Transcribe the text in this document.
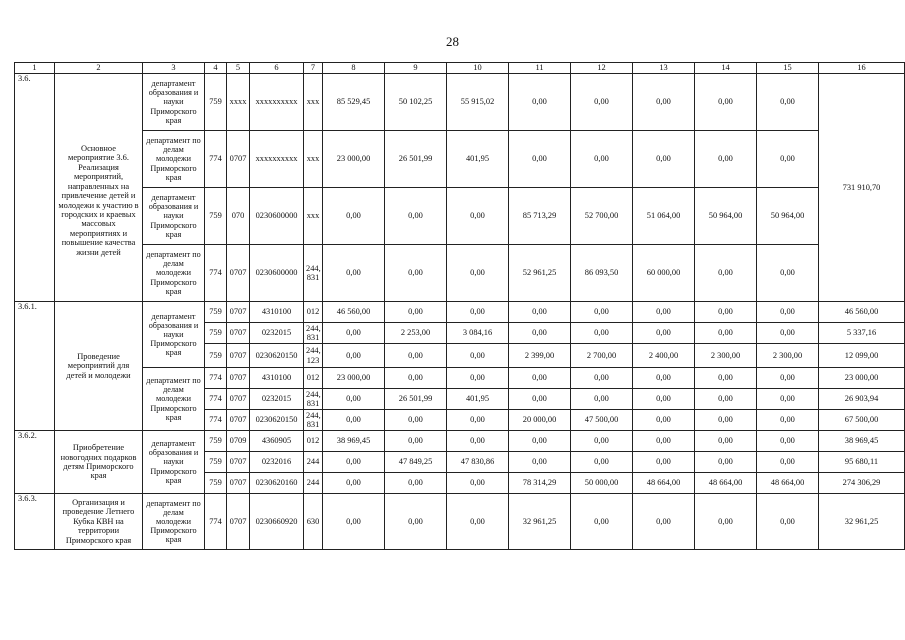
28
1	2	3	4	5	6	7	8	9	10	11	12	13	14	15	16
3.6.	Основное мероприятие 3.6. Реализация мероприятий, направленных на привлечение детей и молодежи к участию в городских и краевых массовых мероприятиях и повышение качества жизни детей	департамент образования и науки Приморского края	759	xxxx	xxxxxxxxxx	xxx	85 529,45	50 102,25	55 915,02	0,00	0,00	0,00	0,00	0,00	731 910,70
		департамент по делам молодежи Приморского края	774	0707	xxxxxxxxxx	xxx	23 000,00	26 501,99	401,95	0,00	0,00	0,00	0,00	0,00	
		департамент образования и науки Приморского края	759	070	0230600000	xxx	0,00	0,00	0,00	85 713,29	52 700,00	51 064,00	50 964,00	50 964,00	
		департамент по делам молодежи Приморского края	774	0707	0230600000	244, 831	0,00	0,00	0,00	52 961,25	86 093,50	60 000,00	0,00	0,00	
3.6.1.	Проведение мероприятий для детей и молодежи	департамент образования и науки Приморского края	759	0707	4310100	012	46 560,00	0,00	0,00	0,00	0,00	0,00	0,00	0,00	46 560,00
			759	0707	0232015	244, 831	0,00	2 253,00	3 084,16	0,00	0,00	0,00	0,00	0,00	5 337,16
			759	0707	0230620150	244, 123	0,00	0,00	0,00	2 399,00	2 700,00	2 400,00	2 300,00	2 300,00	12 099,00
		департамент по делам молодежи Приморского края	774	0707	4310100	012	23 000,00	0,00	0,00	0,00	0,00	0,00	0,00	0,00	23 000,00
			774	0707	0232015	244, 831	0,00	26 501,99	401,95	0,00	0,00	0,00	0,00	0,00	26 903,94
			774	0707	0230620150	244, 831	0,00	0,00	0,00	20 000,00	47 500,00	0,00	0,00	0,00	67 500,00
3.6.2.	Приобретение новогодних подарков детям Приморского края	департамент образования и науки Приморского края	759	0709	4360905	012	38 969,45	0,00	0,00	0,00	0,00	0,00	0,00	0,00	38 969,45
			759	0707	0232016	244	0,00	47 849,25	47 830,86	0,00	0,00	0,00	0,00	0,00	95 680,11
			759	0707	0230620160	244	0,00	0,00	0,00	78 314,29	50 000,00	48 664,00	48 664,00	48 664,00	274 306,29
3.6.3.	Организация и проведение Летнего Кубка КВН на территории Приморского края	департамент по делам молодежи Приморского края	774	0707	0230660920	630	0,00	0,00	0,00	32 961,25	0,00	0,00	0,00	0,00	32 961,25
